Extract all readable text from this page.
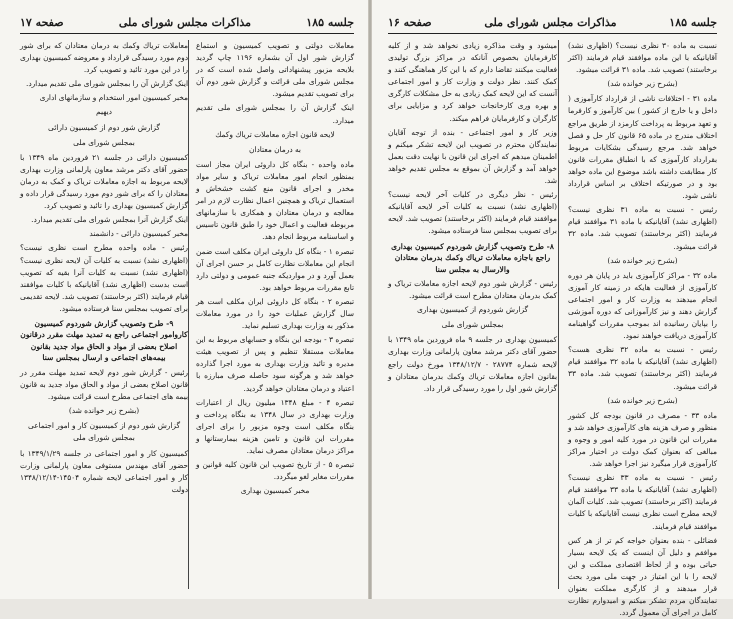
صفحه ۱۷	مذاکرات مجلس شورای ملی	جلسه ۱۸۵

معاملات دولتی و تصویب کمیسیون و استماع گزارش شور اول آن بشماره ۱۱۹۶ چاپ گردید بلایحه مزبور پیشنهاداتی واصل شده است که در مجلس شورای ملی قرائت و گزارش شور دوم آن برای تصویب تقدیم میشود.

اینک گزارش آن را بمجلس شورای ملی تقدیم میدارد.

لایحه قانون اجازه معاملات ترياك وكمك

به درمان معتادان

ماده واحده - بنگاه کل داروئی ایران مجاز است بمنظور انجام امور معاملات تریاک و سایر مواد مخدر و اجرای قانون منع کشت خشخاش و استعمال تریاک و همچنین اعمال نظارت لازم در امر معالجه و درمان معتادان و همکاری با سازمانهای مربوطه فعالیت و اعمال خود را طبق قانون تاسیس و اساسنامه مربوط انجام دهد.

تبصره ۱ - بنگاه کل داروئی ایران مکلف است ضمن انجام این معاملات نظارت کامل بر حسن اجرای آن بعمل آورد و در مواردیکه جنبه عمومی و دولتی دارد تابع مقررات مربوط خواهد بود.

تبصره ۲ - بنگاه کل داروئی ایران مکلف است هر سال گزارش عملیات خود را در مورد معاملات مذکور به وزارت بهداری تسلیم نماید.

تبصره ۳ - بودجه این بنگاه و حسابهای مربوط به این معاملات مستقلا تنظیم و پس از تصویب هیئت مدیره و تائید وزارت بهداری به مورد اجرا گذارده خواهد شد و هرگونه سود حاصله صرف مبارزه با اعتیاد و درمان معتادان خواهد گردید.

تبصره ۴ - مبلغ ۱۳۴۸ میلیون ریال از اعتبارات وزارت بهداری در سال ۱۳۴۸ به بنگاه پرداخت و بنگاه مکلف است وجوه مزبور را برای اجرای مقررات این قانون و تامین هزینه بیمارستانها و مراکز درمان معتادان مصرف نماید.

تبصره ۵ - از تاریخ تصویب این قانون کلیه قوانین و مقررات مغایر لغو میگردد.

مخبر کمیسیون بهداری

معاملات ترياك وكمك به درمان معتادان که برای شور دوم مورد رسیدگی قرارداد و معروضه کمیسیون بهداری را در این مورد تائید و تصویب کرد.

اینک گزارش آن را بمجلس شورای ملی تقدیم میدارد.

مخبر کمیسیون امور استخدام و سازمانهای اداری

دیهیم

گزارش شور دوم از کمیسیون دارائی

بمجلس شورای ملی

کمیسیون دارائی در جلسه ۲۱ فروردین ماه ۱۳۴۹ با حضور آقای دکتر مرشد معاون پارلمانی وزارت بهداری لایحه مربوط به اجازه معاملات تریاک و کمک به درمان معتادان را که برای شور دوم مورد رسیدگی قرار داده و گزارش کمیسیون بهداری را تائید و تصویب کرد.

اینک گزارش آنرا بمجلس شورای ملی تقدیم میدارد.

مخبر کمیسیون دارائی - دانشمند

رئیس - ماده واحده مطرح است نظری نیست؟ (اظهاری نشد) نسبت به کلیات آن لایحه نظری نیست؟ (اظهاری نشد) نسبت به کلیات آنرا بقیه که تصویب است بدست (اظهاری نشد) آقایانیکه با کلیات موافقند قیام فرمایند (اکثر برخاستند) تصویب شد. لایحه تقدیمی برای تصویب بمجلس سنا فرستاده میشود.

۹- طرح وتصویب گزارش شوردوم کمیسیون کاروامور اجتماعی راجع به تمدید مهلت مقرر درقانون اصلاح بعضی از مواد و الحاق مواد جدید بقانون بیمه‌های اجتماعی و ارسال بمجلس سنا

رئیس - گزارش شور دوم لایحه تمدید مهلت مقرر در قانون اصلاح بعضی از مواد و الحاق مواد جدید به قانون بیمه های اجتماعی مطرح است قرائت میشود.

(بشرح زیر خوانده شد)

گزارش شور دوم از کمیسیون کار و امور اجتماعی بمجلس شورای ملی

کمیسیون کار و امور اجتماعی در جلسه ۱۳۴۹/۱/۲۹ با حضور آقای مهندس مستوفی معاون پارلمانی وزارت کار و امور اجتماعی لایحه شماره ۱۴۵۰۴-۱۳۴۸/۱۲/۱۴ دولت

صفحه ۱۶	مذاکرات مجلس شورای ملی	جلسه ۱۸۵

نسبت به ماده ۳۰ نظری نیست؟ (اظهاری نشد) آقایانیکه با این ماده موافقند قیام فرمایند (اکثر برخاستند) تصویب شد. ماده ۳۱ قرائت میشود.

(بشرح زیر خوانده شد)

ماده ۳۱ - اختلافات ناشی از قرارداد کارآموزی ( داخل و یا خارج از کشور ) بین کارآموز و کارفرما و تعهد مربوط به پرداخت کارمزد از طریق مراجع اختلاف مندرج در ماده ۶۵ قانون کار حل و فصل خواهد شد. مرجع رسیدگی بشکایات مربوط بقرارداد کارآموزی که با انطباق مقررات قانون کار مطابقت داشته باشد موضوع این ماده خواهد بود و در صورتیکه اختلاف بر اساس قرارداد ناشی شود.

رئیس - نسبت به ماده ۳۱ نظری نیست؟ (اظهاری نشد) آقایانیکه با ماده ۳۱ موافقند قیام فرمایند (اکثر برخاستند) تصویب شد. ماده ۳۲ قرائت میشود.

(بشرح زیر خوانده شد)

ماده ۳۲ - مراکز کارآموزی باید در پایان هر دوره کارآموزی از فعالیت هایکه در زمینه کار آموزی انجام میدهند به وزارت کار و امور اجتماعی گزارش دهند و نیز کارآموزانی که دوره آموزشی را بپایان رسانیده اند بموجب مقررات گواهینامه کارآموزی دریافت خواهند نمود.

رئیس - نسبت به ماده ۳۲ نظری هست؟ (اظهاری نشد) آقایانیکه با ماده ۳۲ موافقند قیام فرمایند (اکثر برخاستند) تصویب شد. ماده ۳۳ قرائت میشود.

(بشرح زیر خوانده شد)

ماده ۳۳ - مصرف در قانون بودجه کل کشور منظور و صرف هزینه های کارآموزی خواهد شد و مقررات این قانون در مورد کلیه امور و وجوه و مبالغی که بعنوان کمک دولت در اختیار مراکز کارآموزی قرار میگیرد نیز اجرا خواهد شد.

رئیس - نسبت به ماده ۳۳ نظری نیست؟ (اظهاری نشد) آقایانیکه با ماده ۳۳ موافقند قیام فرمایند (اکثر برخاستند) تصویب شد. کلیات آلمان لایحه مطرح است نظری نیست آقایانیکه با کلیات موافقند قیام فرمایند.

فضائلی - بنده بعنوان خواجه کم تر از هر کس موافقم و دلیل آن اینست که یک لایحه بسیار حیاتی بوده و از لحاظ اقتصادی مملکت و این لایحه را با این امتیاز در جهت ملی مورد بحث قرار میدهند و از کارگری مملکت بعنوان نمایندگان مردم تشکر میکنم و امیدوارم نظارت کامل در اجرای آن معمول گردد.

میشود و وقت مذاکره زیادی نخواهد شد و از کلیه کارفرمایان بخصوص آنانکه در مراکز بزرگ تولیدی فعالیت میکنند تقاضا دارم که با این کار هماهنگی کنند و کمک کنند. نظر دولت و وزارت کار و امور اجتماعی آنست که این لایحه کمک زیادی به حل مشکلات کارگری و بهره وری کارخانجات خواهد کرد و مزایایی برای کارگران و کارفرمایان فراهم میکند.

وزیر کار و امور اجتماعی - بنده از توجه آقایان نمایندگان محترم در تصویب این لایحه تشکر میکنم و اطمینان میدهم که اجرای این قانون با نهایت دقت بعمل خواهد آمد و گزارش آن بموقع به مجلس تقدیم خواهد شد.

رئیس - نظر دیگری در کلیات آخر لایحه نیست؟ (اظهاری نشد) نسبت به کلیات آخر لایحه آقایانیکه موافقند قیام فرمایند (اکثر برخاستند) تصویب شد. لایحه برای تصویب بمجلس سنا فرستاده میشود.

۸- طرح وتصویب گزارش شوردوم کمیسیون بهداری راجع باجازه معاملات ترياك وكمك بدرمان معتادان والارسال به مجلس سنا

رئیس - گزارش شور دوم لایحه اجازه معاملات تریاک و کمک بدرمان معتادان مطرح است قرائت میشود.

گزارش شوردوم از کمیسیون بهداری

بمجلس شورای ملی

کمیسیون بهداری در جلسه ۹ ماه فروردین ماه ۱۳۴۹ با حضور آقای دکتر مرشد معاون پارلمانی وزارت بهداری لایحه شماره ۲۸۷۷۴ - ۱۳۴۸/۱۲/۷ مورخ دولت راجع بقانون اجازه معاملات ترياك وكمك بدرمان معتادان و گزارش شور اول را مورد رسیدگی قرار داد.
